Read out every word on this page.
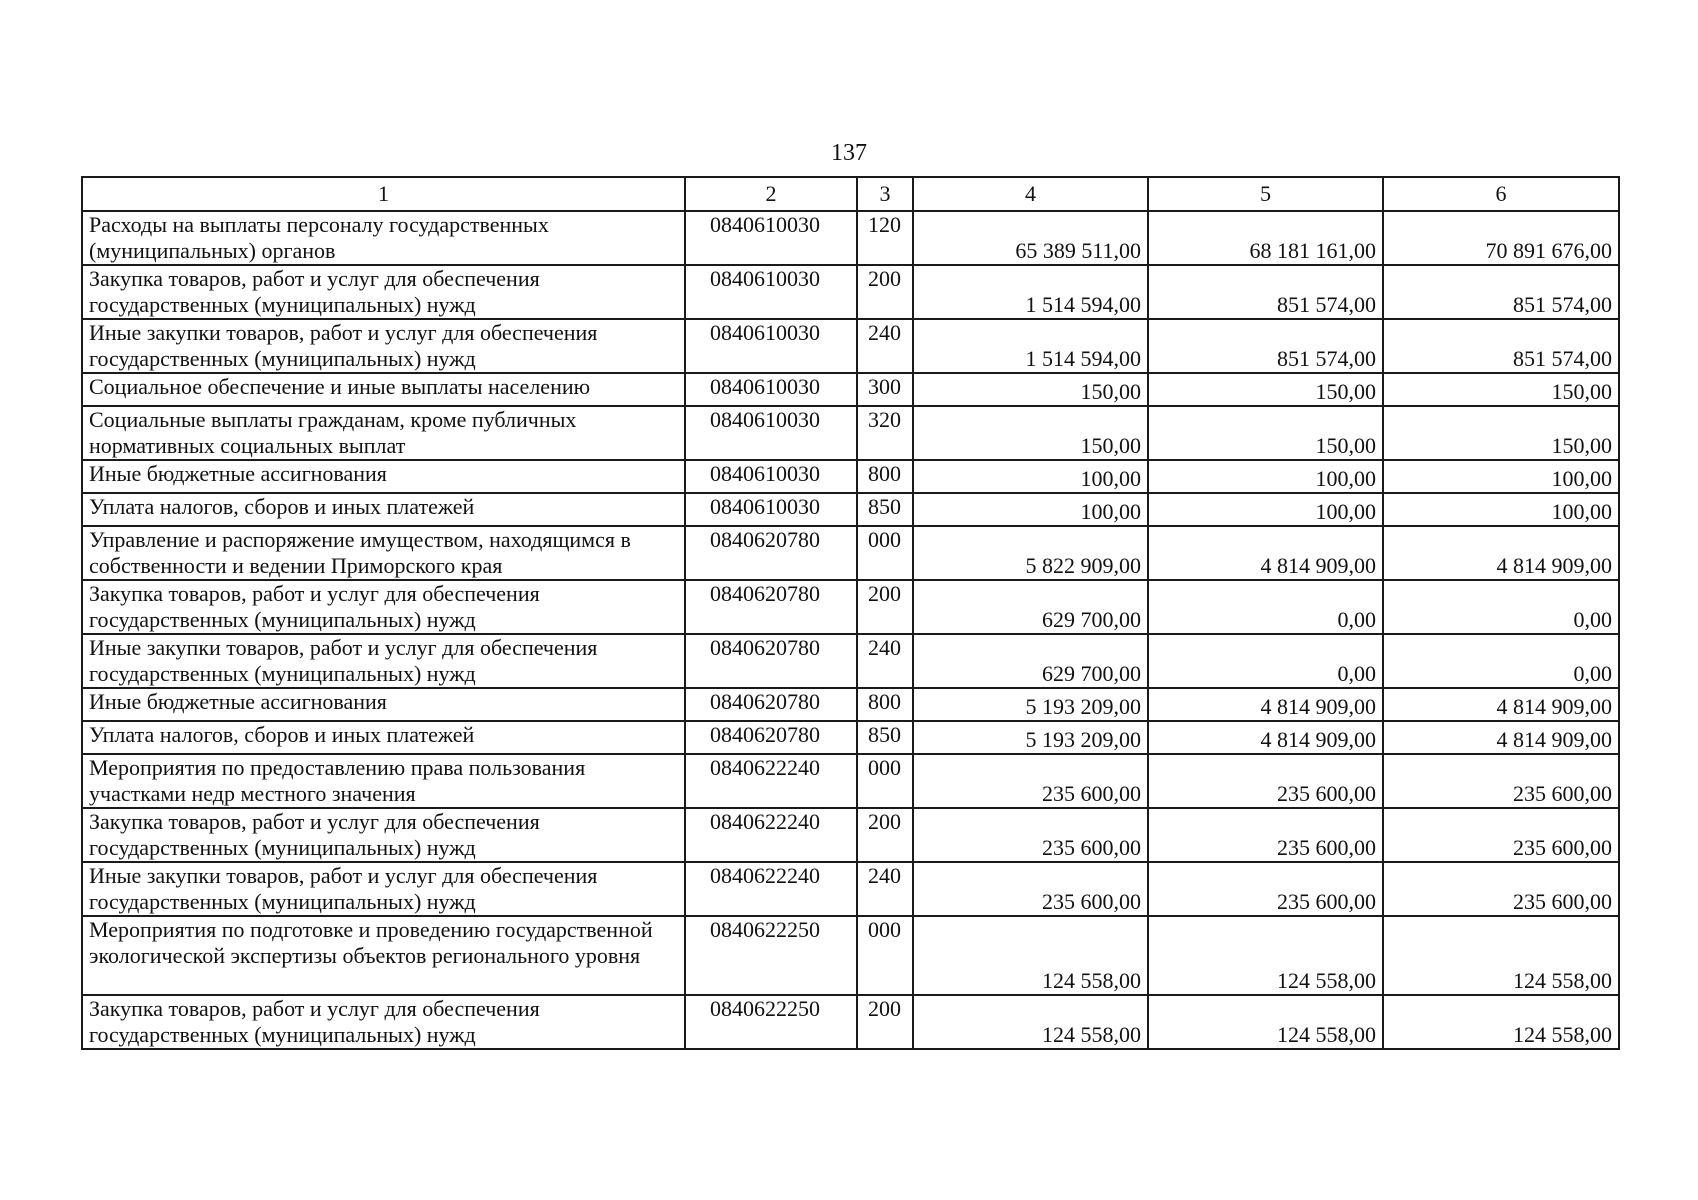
137
1	2	3	4	5	6
Расходы на выплаты персоналу государственных (муниципальных) органов	0840610030	120	65 389 511,00	68 181 161,00	70 891 676,00
Закупка товаров, работ и услуг для обеспечения государственных (муниципальных) нужд	0840610030	200	1 514 594,00	851 574,00	851 574,00
Иные закупки товаров, работ и услуг для обеспечения государственных (муниципальных) нужд	0840610030	240	1 514 594,00	851 574,00	851 574,00
Социальное обеспечение и иные выплаты населению	0840610030	300	150,00	150,00	150,00
Социальные выплаты гражданам, кроме публичных нормативных социальных выплат	0840610030	320	150,00	150,00	150,00
Иные бюджетные ассигнования	0840610030	800	100,00	100,00	100,00
Уплата налогов, сборов и иных платежей	0840610030	850	100,00	100,00	100,00
Управление и распоряжение имуществом, находящимся в собственности и ведении Приморского края	0840620780	000	5 822 909,00	4 814 909,00	4 814 909,00
Закупка товаров, работ и услуг для обеспечения государственных (муниципальных) нужд	0840620780	200	629 700,00	0,00	0,00
Иные закупки товаров, работ и услуг для обеспечения государственных (муниципальных) нужд	0840620780	240	629 700,00	0,00	0,00
Иные бюджетные ассигнования	0840620780	800	5 193 209,00	4 814 909,00	4 814 909,00
Уплата налогов, сборов и иных платежей	0840620780	850	5 193 209,00	4 814 909,00	4 814 909,00
Мероприятия по предоставлению права пользования участками недр местного значения	0840622240	000	235 600,00	235 600,00	235 600,00
Закупка товаров, работ и услуг для обеспечения государственных (муниципальных) нужд	0840622240	200	235 600,00	235 600,00	235 600,00
Иные закупки товаров, работ и услуг для обеспечения государственных (муниципальных) нужд	0840622240	240	235 600,00	235 600,00	235 600,00
Мероприятия по подготовке и проведению государственной экологической экспертизы объектов регионального уровня	0840622250	000	124 558,00	124 558,00	124 558,00
Закупка товаров, работ и услуг для обеспечения государственных (муниципальных) нужд	0840622250	200	124 558,00	124 558,00	124 558,00
